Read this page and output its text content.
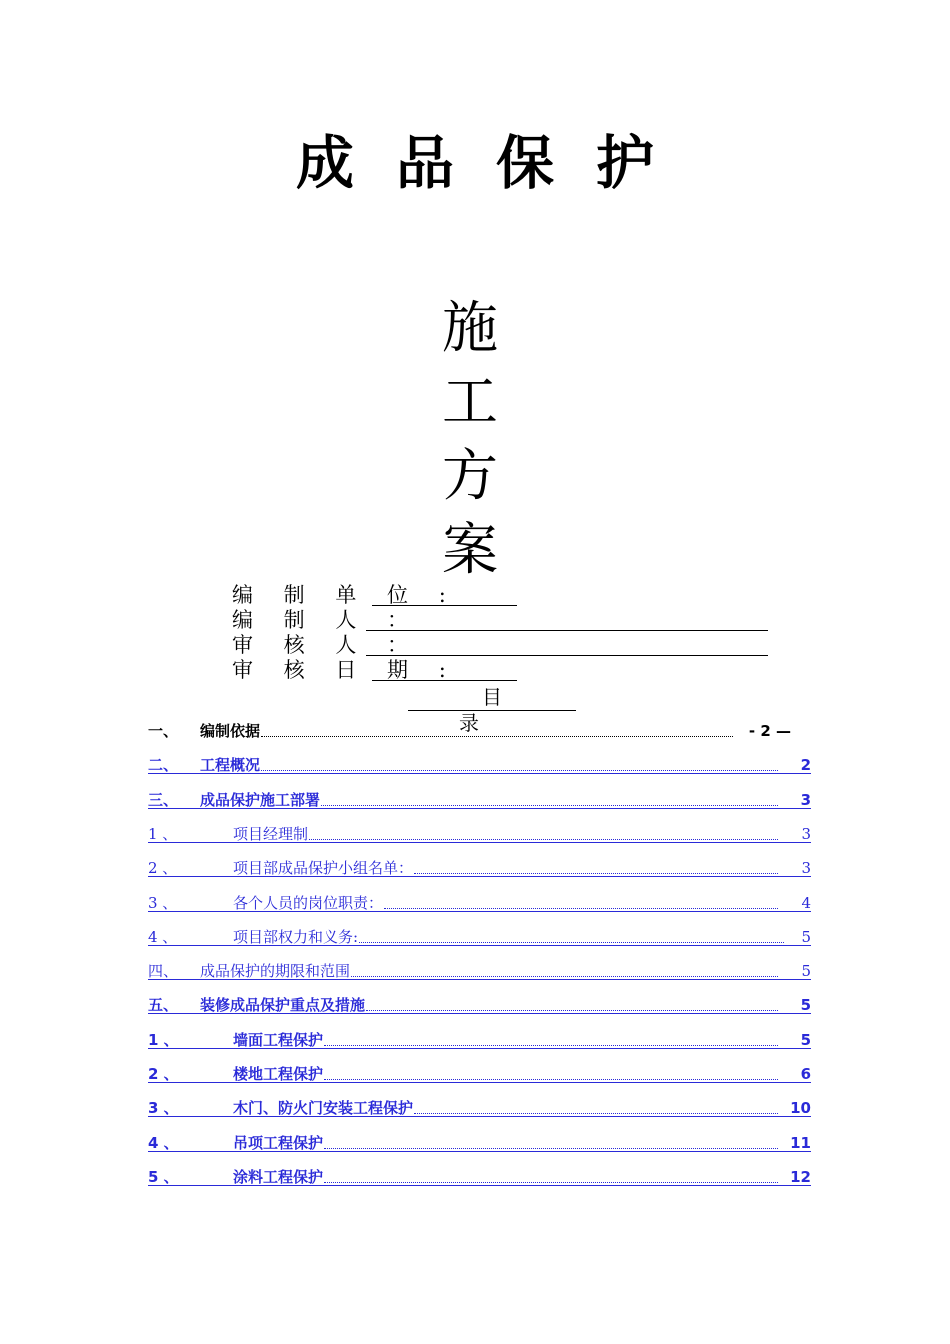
成 品 保 护
施
工
方
案
编 制 单 位 :
编 制 人 ：
审 核 人 ：
审 核 日 期 :
目录
一、 编制依据	- 2 —
二、 工程概况	2
三、 成品保护施工部署	3
1 、	项目经理制	3
2 、	项目部成品保护小组名单：	3
3 、	各个人员的岗位职责：	4
4 、	项目部权力和义务:	5
四、 成品保护的期限和范围	5
五、 装修成品保护重点及措施	5
1 、	墙面工程保护	5
2 、	楼地工程保护	6
3 、	木门、防火门安装工程保护	10
4 、	吊项工程保护	11
5 、	涂料工程保护	12
